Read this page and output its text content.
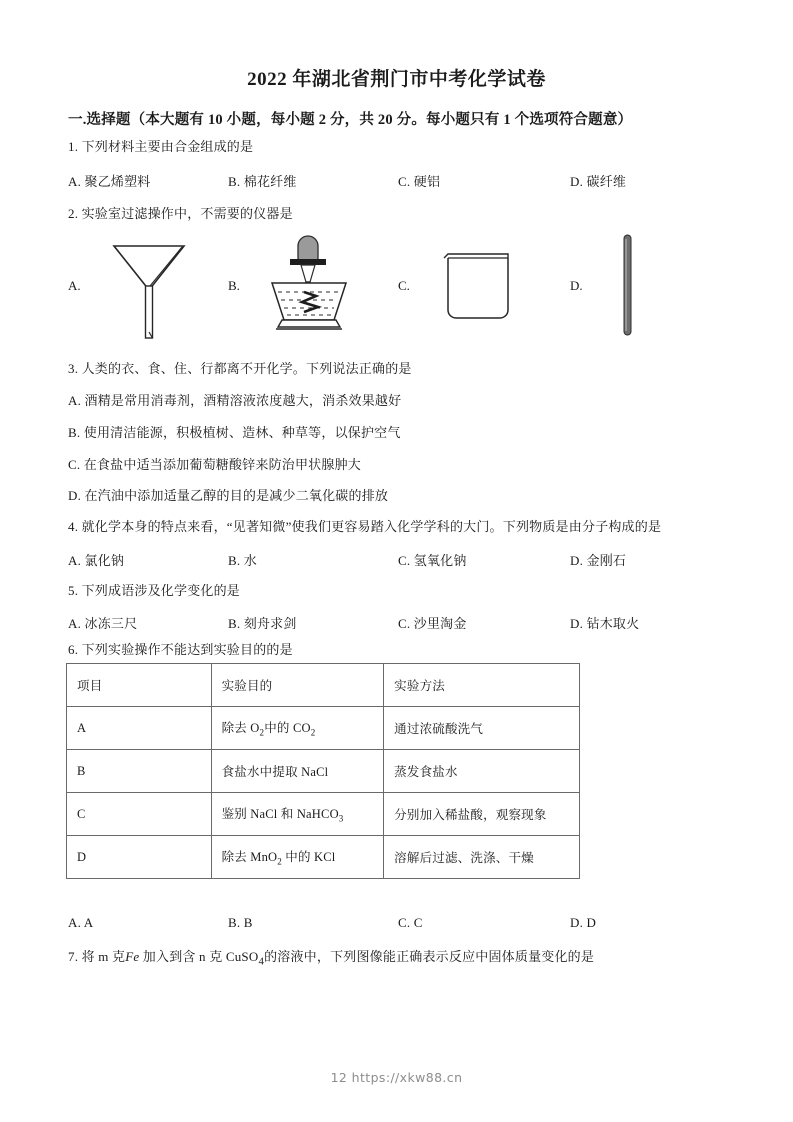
2022 年湖北省荆门市中考化学试卷
一.选择题（本大题有 10 小题，每小题 2 分，共 20 分。每小题只有 1 个选项符合题意）
1. 下列材料主要由合金组成的是
A. 聚乙烯塑料	B. 棉花纤维	C. 硬铝	D. 碳纤维
2. 实验室过滤操作中，不需要的仪器是
A.	B.	C.	D.
3. 人类的衣、食、住、行都离不开化学。下列说法正确的是
A. 酒精是常用消毒剂，酒精溶液浓度越大，消杀效果越好
B. 使用清洁能源，积极植树、造林、种草等，以保护空气
C. 在食盐中适当添加葡萄糖酸锌来防治甲状腺肿大
D. 在汽油中添加适量乙醇的目的是减少二氧化碳的排放
4. 就化学本身的特点来看，“见著知微”使我们更容易踏入化学学科的大门。下列物质是由分子构成的是
A. 氯化钠	B. 水	C. 氢氧化钠	D. 金刚石
5. 下列成语涉及化学变化的是
A. 冰冻三尺	B. 刻舟求剑	C. 沙里淘金	D. 钻木取火
6. 下列实验操作不能达到实验目的的是
项目	实验目的	实验方法
A	除去 $O_2$中的 $CO_2$	通过浓硫酸洗气
B	食盐水中提取 NaCl	蒸发食盐水
C	鉴别 NaCl 和 NaHCO$_3$	分别加入稀盐酸，观察现象
D	除去 MnO$_2$ 中的 KCl	溶解后过滤、洗涤、干燥
A. A	B. B	C. C	D. D
7. 将 m 克Fe 加入到含 n 克 CuSO$_4$的溶液中，下列图像能正确表示反应中固体质量变化的是
12 https://xkw88.cn
